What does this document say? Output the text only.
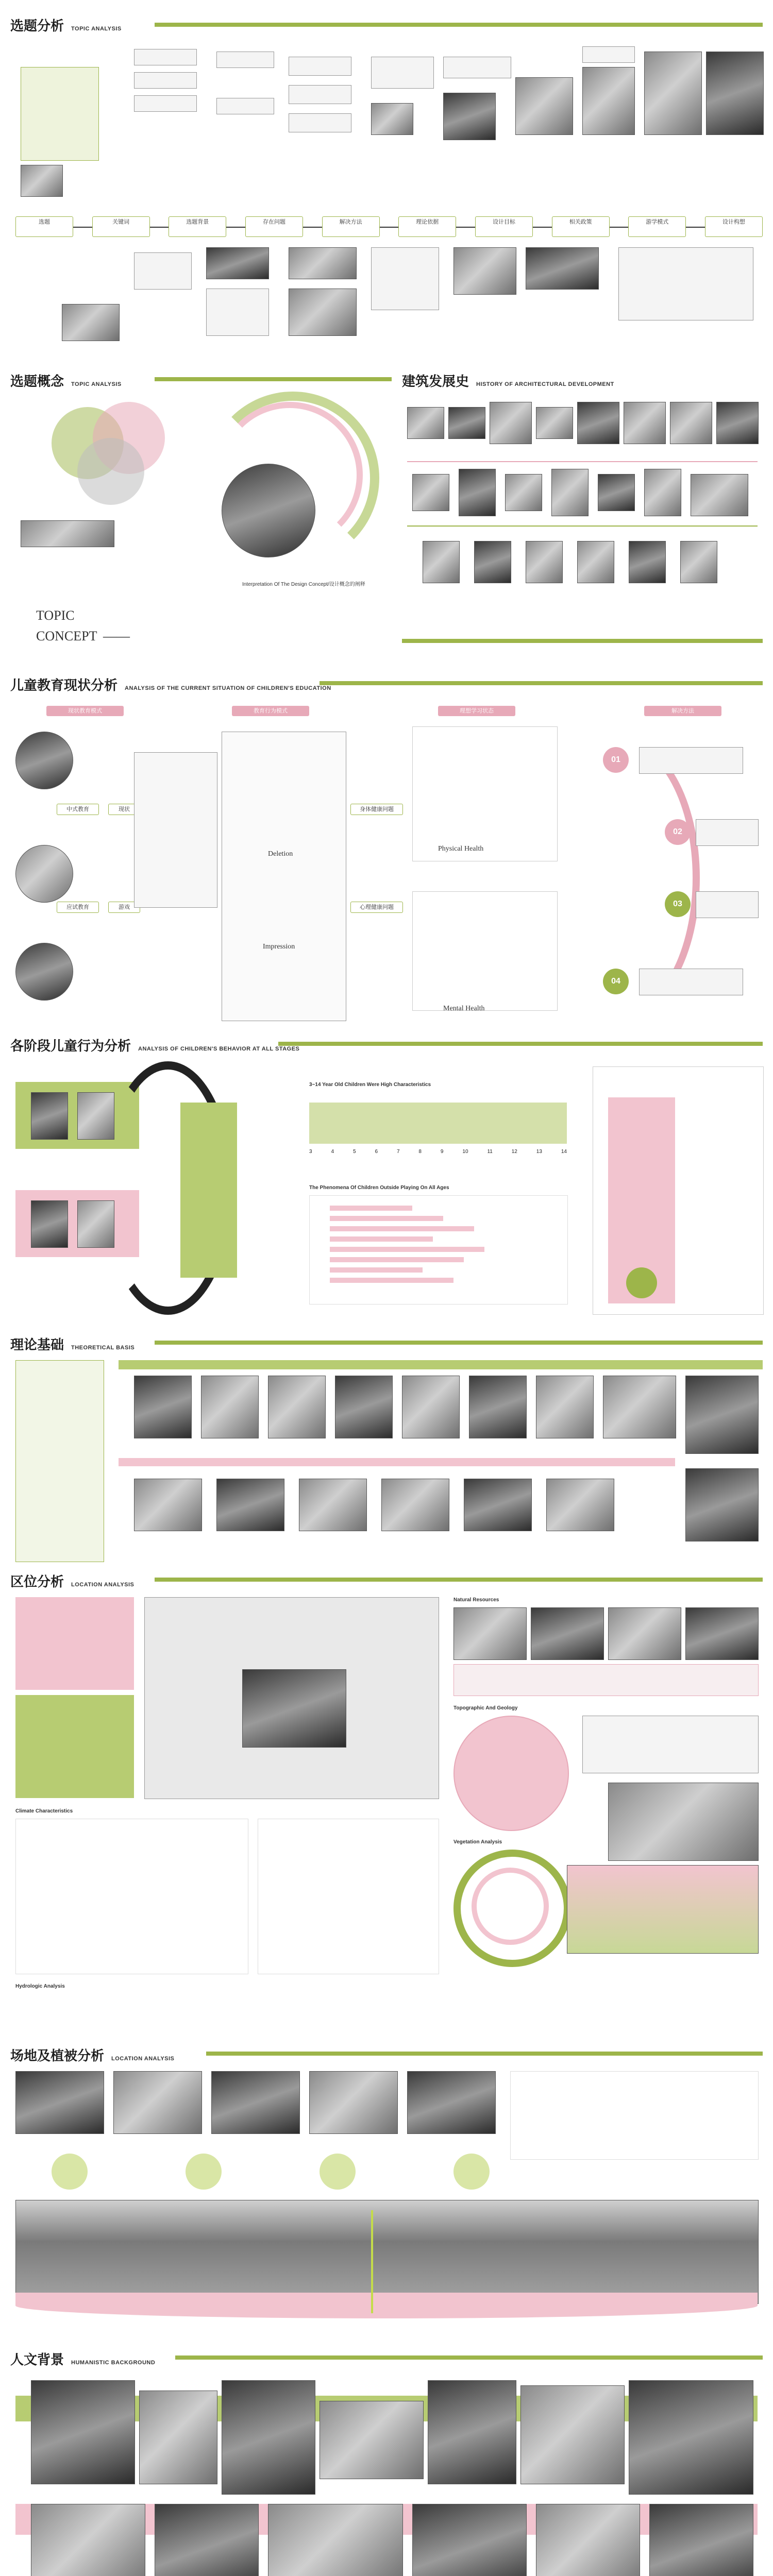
选题分析 TOPIC ANALYSIS
选题	关键词	选题背景	存在问题	解决方法	理论依据	设计目标	相关政策	游学模式	设计构想
选题概念 TOPIC ANALYSIS	建筑发展史 HISTORY OF ARCHITECTURAL DEVELOPMENT
TOPIC
CONCEPT ——
Interpretation Of The Design Concept/设计概念的阐释
儿童教育现状分析 ANALYSIS OF THE CURRENT SITUATION OF CHILDREN'S EDUCATION
现状教育模式	教育行为模式	理想学习状态	解决方法
中式教育	现状
应试教育	游戏
Deletion
Impression
身体健康问题
心理健康问题
Physical Health
Mental Health
01
02
03
04
各阶段儿童行为分析 ANALYSIS OF CHILDREN'S BEHAVIOR AT ALL STAGES
3~14 Year Old Children Were High Characteristics
3	4	5	6	7	8	9	10	11	12	13	14
The Phenomena Of Children Outside Playing On All Ages
理论基础 THEORETICAL BASIS
区位分析 LOCATION ANALYSIS
Natural Resources
Topographic And Geology
Vegetation Analysis
Climate Characteristics
Hydrologic Analysis
场地及植被分析 LOCATION ANALYSIS
人文背景 HUMANISTIC BACKGROUND
